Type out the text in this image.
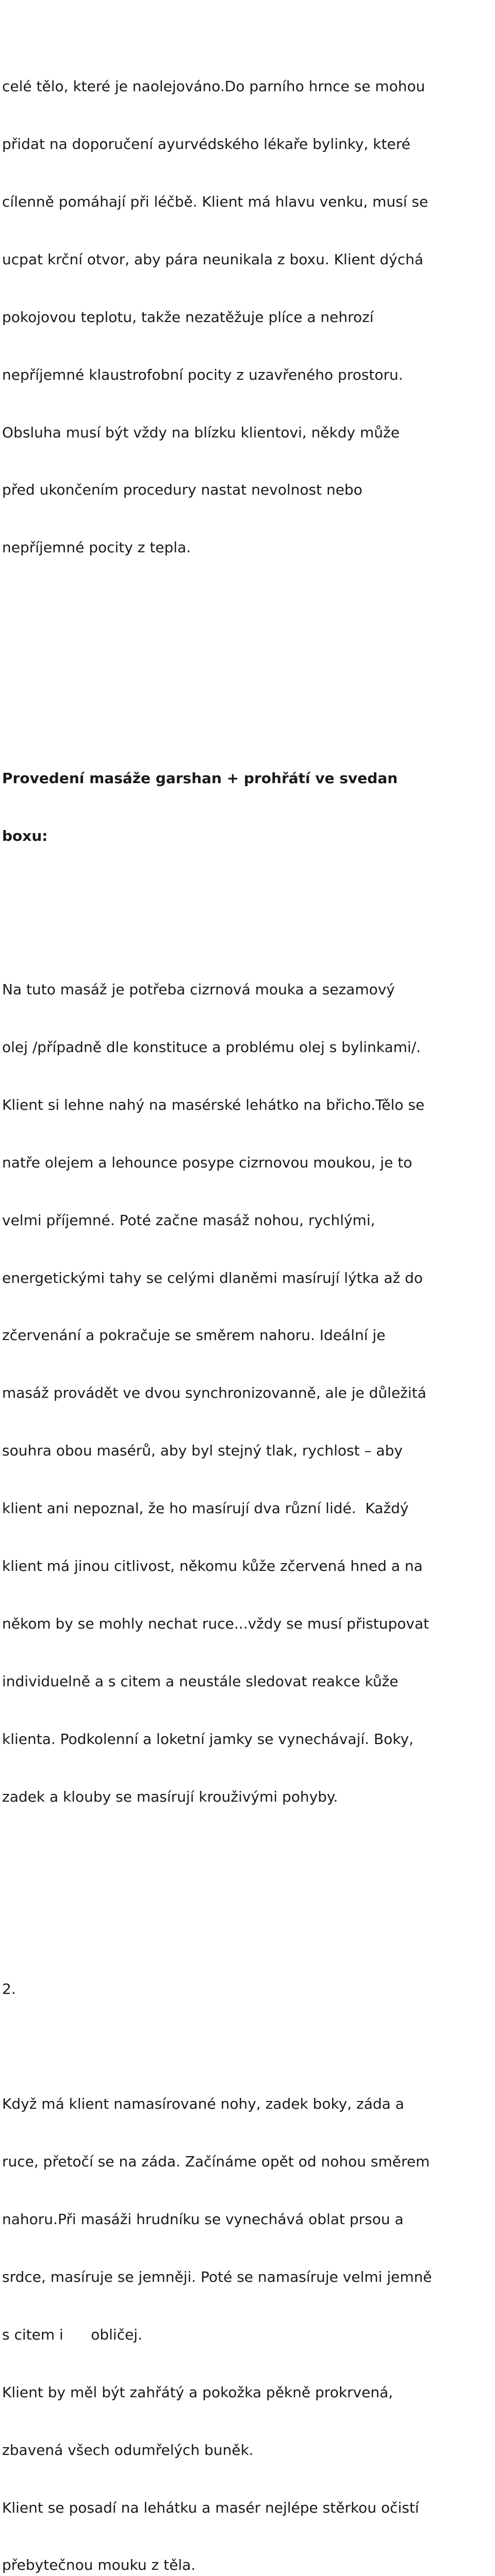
celé tělo, které je naolejováno.Do parního hrnce se mohou

přidat na doporučení ayurvédského lékaře bylinky, které

cílenně pomáhají při léčbě. Klient má hlavu venku, musí se

ucpat krční otvor, aby pára neunikala z boxu. Klient dýchá

pokojovou teplotu, takže nezatěžuje plíce a nehrozí

nepříjemné klaustrofobní pocity z uzavřeného prostoru.

Obsluha musí být vždy na blízku klientovi, někdy může

před ukončením procedury nastat nevolnost nebo

nepříjemné pocity z tepla.

Provedení masáže garshan + prohřátí ve svedan

boxu:

Na tuto masáž je potřeba cizrnová mouka a sezamový

olej /případně dle konstituce a problému olej s bylinkami/.

Klient si lehne nahý na masérské lehátko na břicho.Tělo se

natře olejem a lehounce posype cizrnovou moukou, je to

velmi příjemné. Poté začne masáž nohou, rychlými,

energetickými tahy se celými dlaněmi masírují lýtka až do

zčervenání a pokračuje se směrem nahoru. Ideální je

masáž provádět ve dvou synchronizovanně, ale je důležitá

souhra obou masérů, aby byl stejný tlak, rychlost – aby

klient ani nepoznal, že ho masírují dva různí lidé.  Každý

klient má jinou citlivost, někomu kůže zčervená hned a na

někom by se mohly nechat ruce...vždy se musí přistupovat

individuelně a s citem a neustále sledovat reakce kůže

klienta. Podkolenní a loketní jamky se vynechávají. Boky,

zadek a klouby se masírují krouživými pohyby.

2.

Když má klient namasírované nohy, zadek boky, záda a

ruce, přetočí se na záda. Začínáme opět od nohou směrem

nahoru.Při masáži hrudníku se vynechává oblat prsou a

srdce, masíruje se jemněji. Poté se namasíruje velmi jemně

s citem i      obličej.

Klient by měl být zahřátý a pokožka pěkně prokrvená,

zbavená všech odumřelých buněk.

Klient se posadí na lehátku a masér nejlépe stěrkou očistí

přebytečnou mouku z těla.
